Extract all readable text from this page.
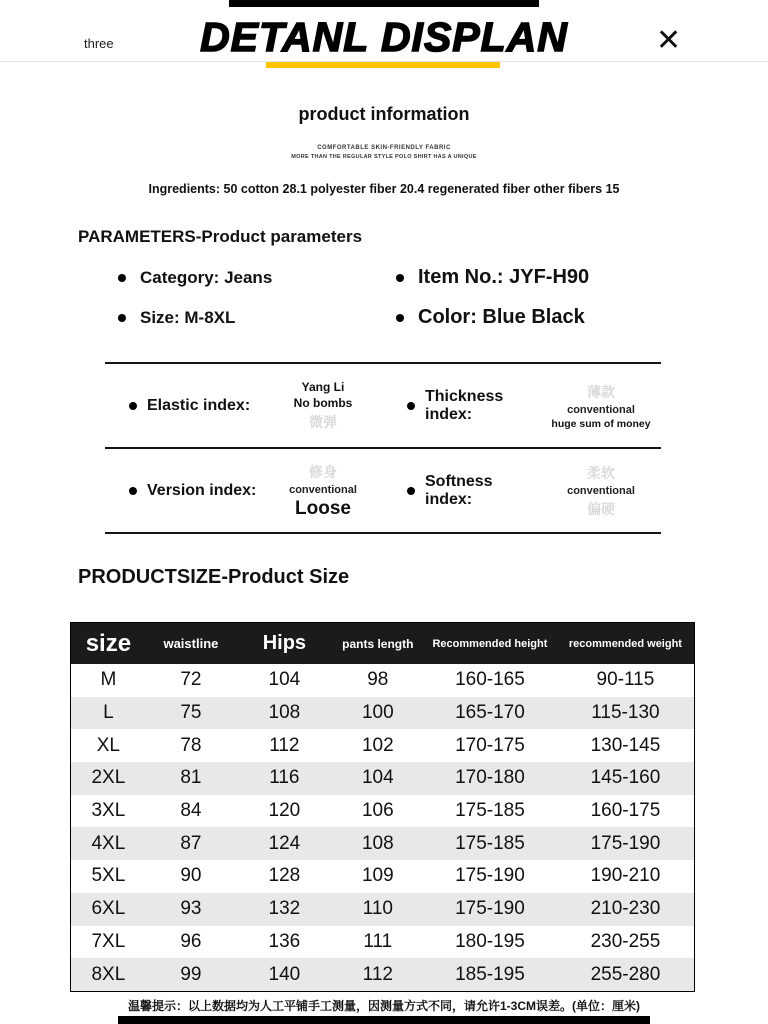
three	DETANL DISPLAN	✕
product information
COMFORTABLE SKIN-FRIENDLY FABRIC
MORE THAN THE REGULAR STYLE POLO SHIRT HAS A UNIQUE
Ingredients: 50 cotton 28.1 polyester fiber 20.4 regenerated fiber other fibers 15
PARAMETERS-Product parameters
Category: Jeans	Item No.: JYF-H90
Size: M-8XL	Color: Blue Black
Elastic index:
Yang Li
No bombs
微弹
Thickness index:
薄款
conventional
huge sum of money
Version index:
修身
conventional
Loose
Softness index:
柔软
conventional
偏硬
PRODUCTSIZE-Product Size
size	waistline	Hips	pants length	Recommended height	recommended weight
M	72	104	98	160-165	90-115
L	75	108	100	165-170	115-130
XL	78	112	102	170-175	130-145
2XL	81	116	104	170-180	145-160
3XL	84	120	106	175-185	160-175
4XL	87	124	108	175-185	175-190
5XL	90	128	109	175-190	190-210
6XL	93	132	110	175-190	210-230
7XL	96	136	111	180-195	230-255
8XL	99	140	112	185-195	255-280
温馨提示：以上数据均为人工平铺手工测量，因测量方式不同，请允许1-3CM误差。(单位：厘米)
